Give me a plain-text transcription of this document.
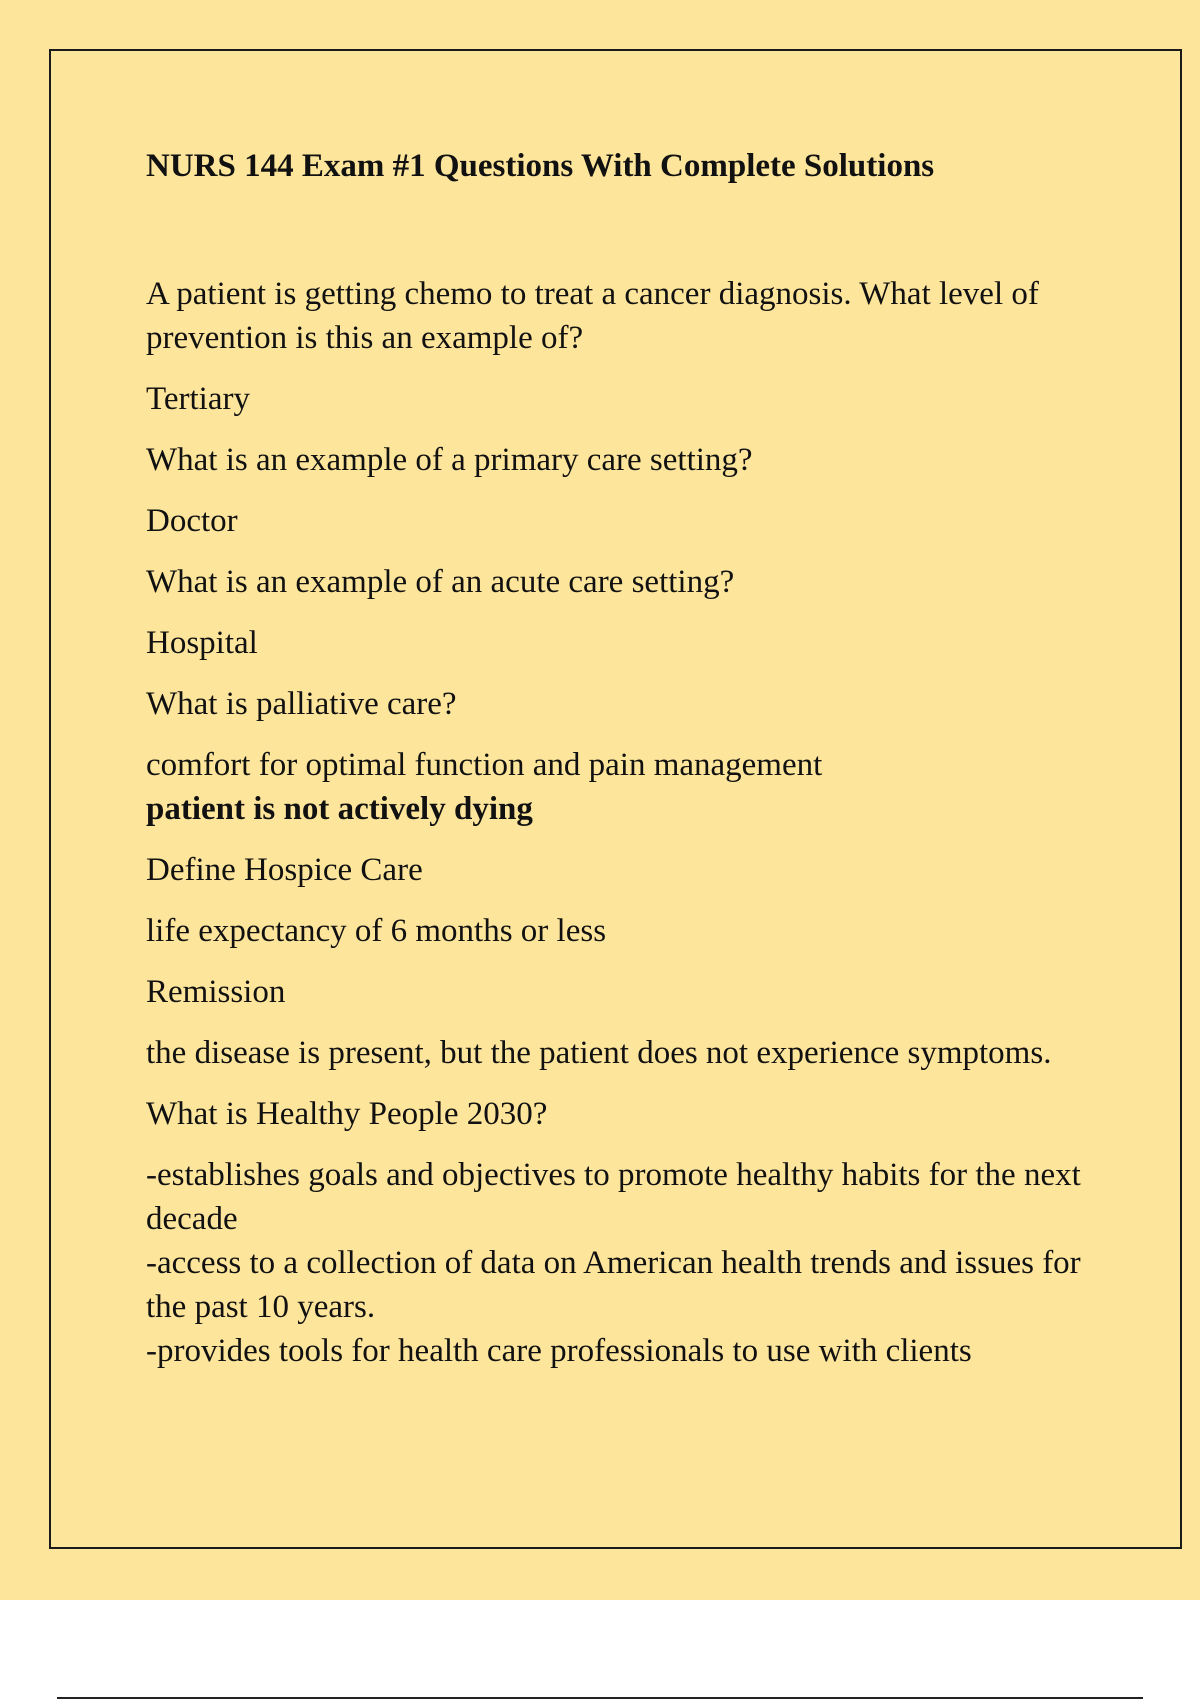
NURS 144 Exam #1 Questions With Complete Solutions

A patient is getting chemo to treat a cancer diagnosis. What level of prevention is this an example of?

Tertiary

What is an example of a primary care setting?

Doctor

What is an example of an acute care setting?

Hospital

What is palliative care?

comfort for optimal function and pain management
patient is not actively dying

Define Hospice Care

life expectancy of 6 months or less

Remission

the disease is present, but the patient does not experience symptoms.

What is Healthy People 2030?

-establishes goals and objectives to promote healthy habits for the next decade
-access to a collection of data on American health trends and issues for the past 10 years.
-provides tools for health care professionals to use with clients
